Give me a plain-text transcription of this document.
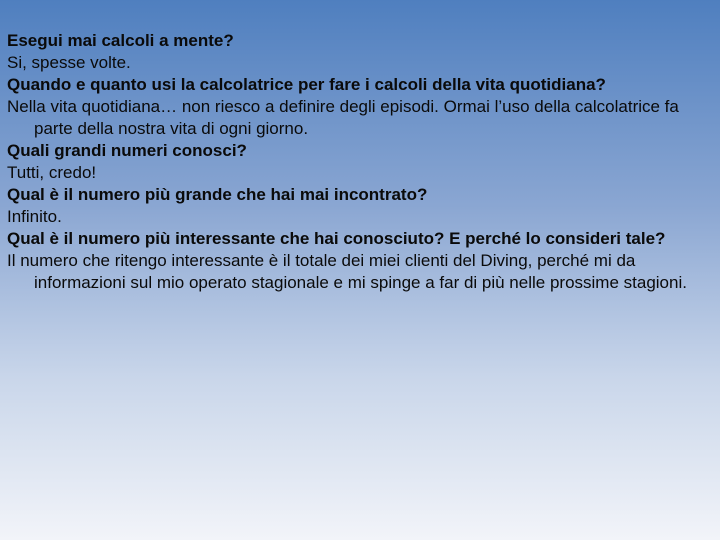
Esegui mai calcoli a mente?

Si, spesse volte.

Quando e quanto usi la calcolatrice per fare i calcoli della vita quotidiana?

Nella vita quotidiana… non riesco a definire degli episodi. Ormai l’uso della calcolatrice fa parte della nostra vita di ogni giorno.

Quali grandi numeri conosci?

Tutti, credo!

Qual è il numero più grande che hai mai incontrato?

Infinito.

Qual è il numero più interessante che hai conosciuto? E perché lo consideri tale?

Il numero che ritengo interessante è il totale dei miei clienti del Diving, perché mi da informazioni sul mio operato stagionale e mi spinge a far di più nelle prossime stagioni.
